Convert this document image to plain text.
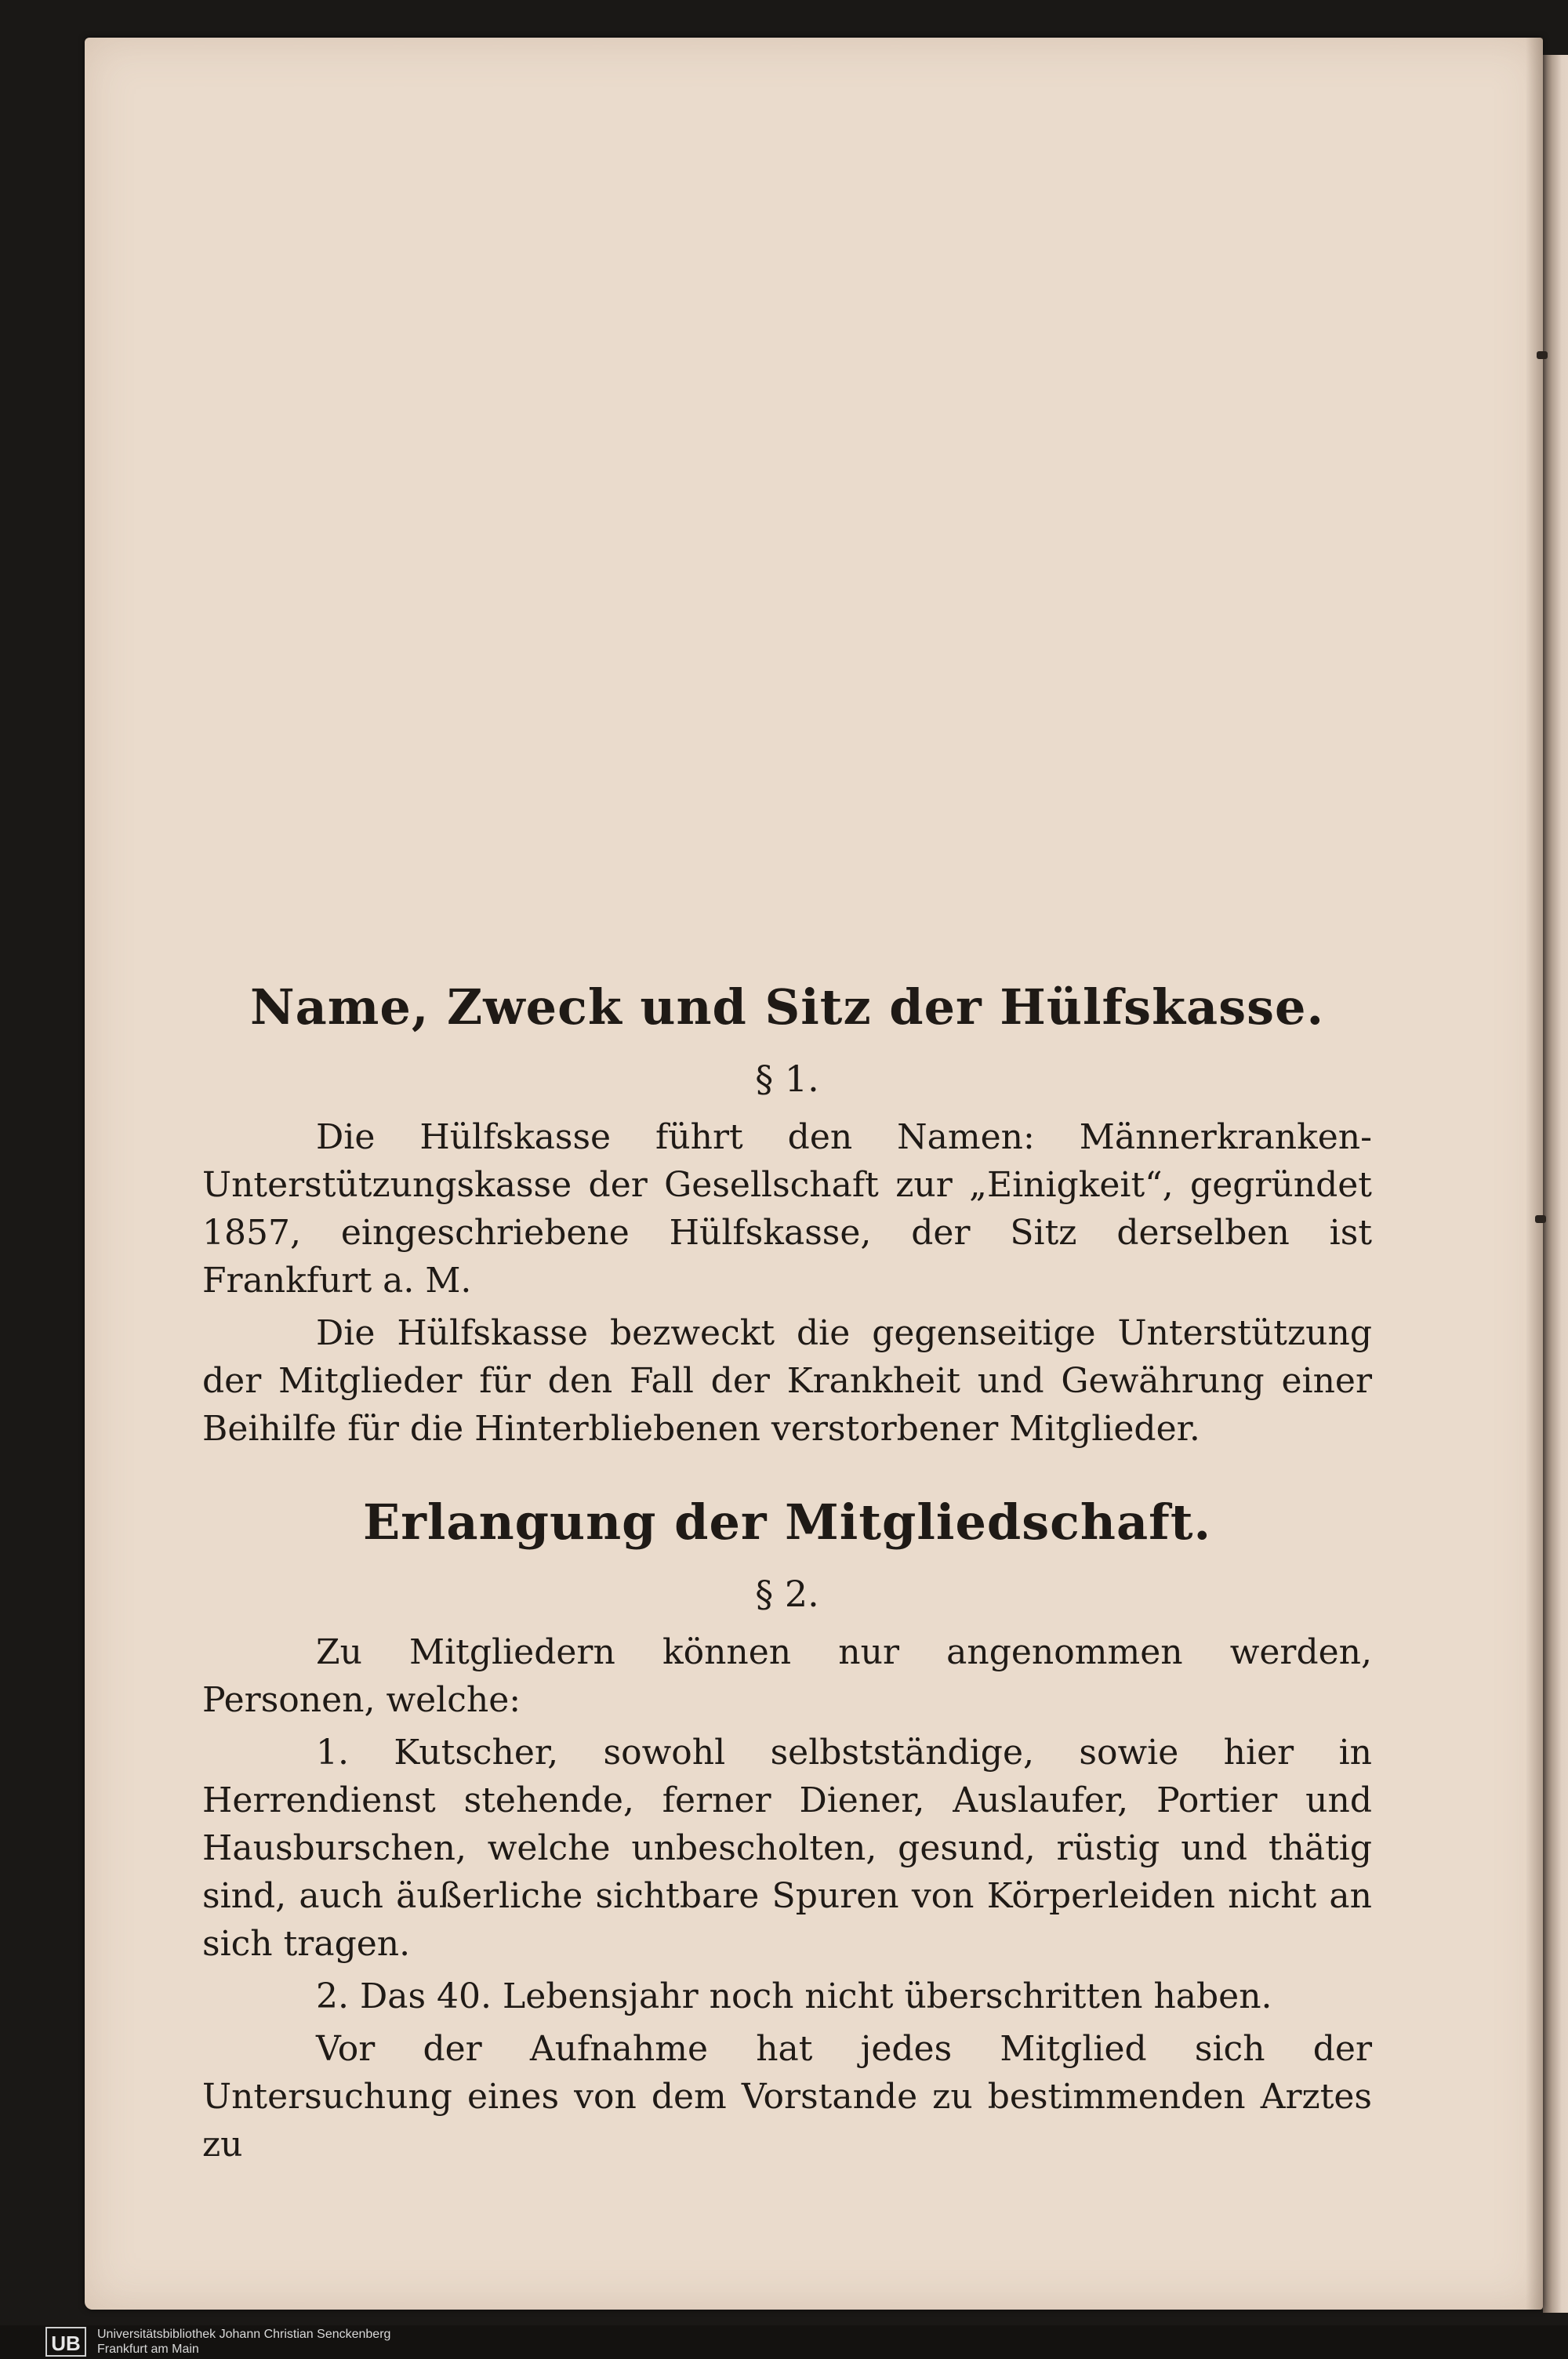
Name, Zweck und Sitz der Hülfskasse.
§ 1.

Die Hülfskasse führt den Namen: Männerkranken-Unterstützungskasse der Gesellschaft zur „Einigkeit“, gegründet 1857, eingeschriebene Hülfskasse, der Sitz derselben ist Frankfurt a. M.

Die Hülfskasse bezweckt die gegenseitige Unterstützung der Mitglieder für den Fall der Krankheit und Gewährung einer Beihilfe für die Hinterbliebenen verstorbener Mitglieder.

Erlangung der Mitgliedschaft.
§ 2.

Zu Mitgliedern können nur angenommen werden, Personen, welche:

1. Kutscher, sowohl selbstständige, sowie hier in Herrendienst stehende, ferner Diener, Auslaufer, Portier und Hausburschen, welche unbescholten, gesund, rüstig und thätig sind, auch äußerliche sichtbare Spuren von Körperleiden nicht an sich tragen.

2. Das 40. Lebensjahr noch nicht überschritten haben.

Vor der Aufnahme hat jedes Mitglied sich der Untersuchung eines von dem Vorstande zu bestimmenden Arztes zu

UB	Universitätsbibliothek Johann Christian Senckenberg
Frankfurt am Main
